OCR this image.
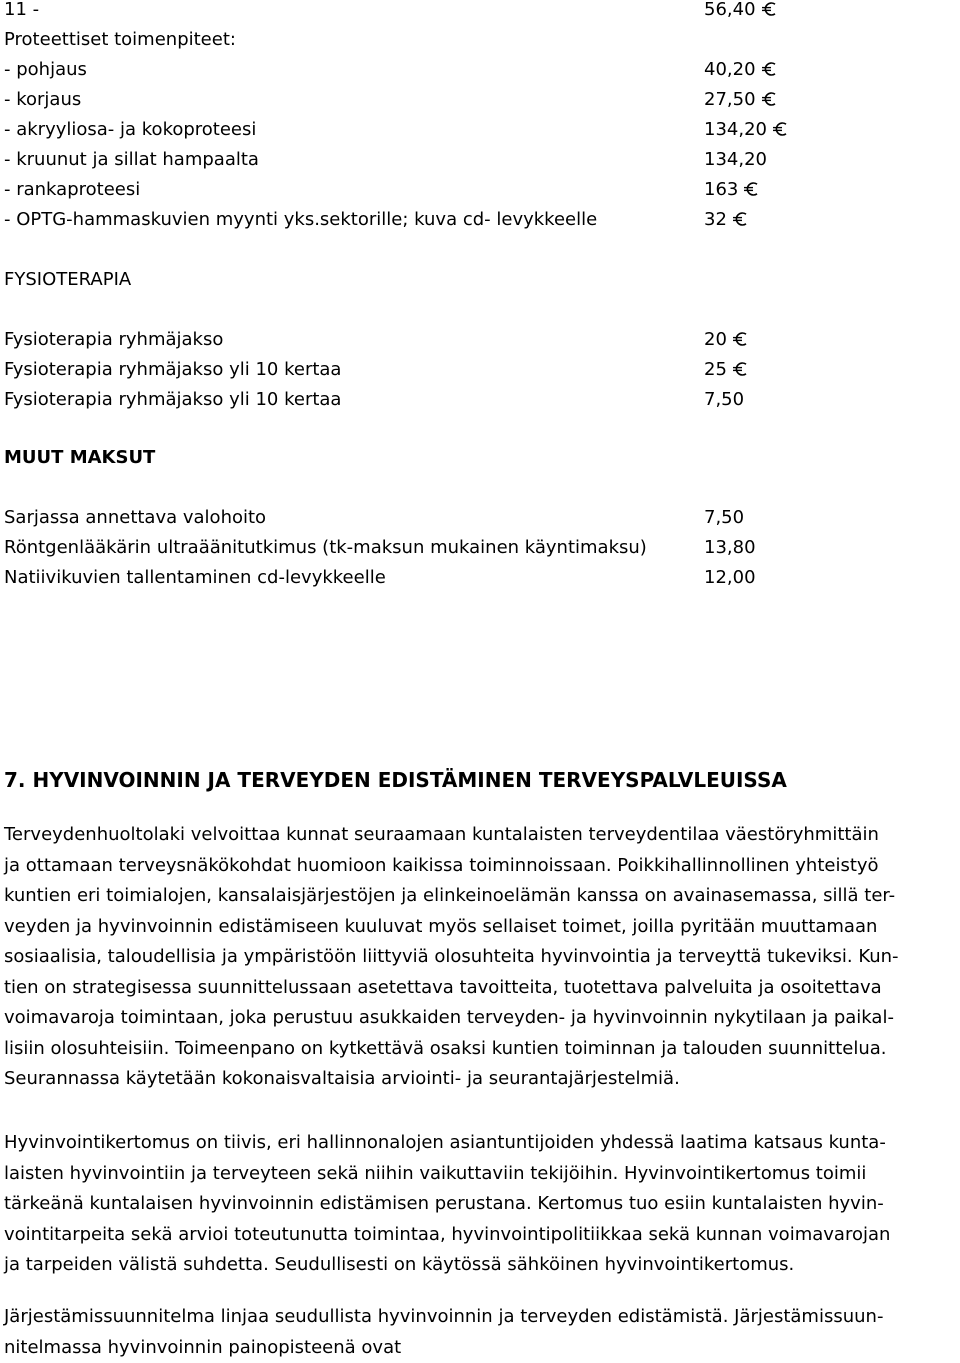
11 -	56,40
Proteettiset toimenpiteet:
- pohjaus	40,20
- korjaus	27,50
- akryyliosa- ja kokoproteesi	134,20
- kruunut ja sillat hampaalta	134,20
- rankaproteesi	163
- OPTG-hammaskuvien myynti yks.sektorille; kuva cd- levykkeelle	32
FYSIOTERAPIA
Fysioterapia ryhmäjakso	20
Fysioterapia ryhmäjakso yli 10 kertaa	25
Fysioterapia ryhmäjakso yli 10 kertaa	7,50
MUUT MAKSUT
Sarjassa annettava valohoito	7,50
Röntgenlääkärin ultraäänitutkimus (tk-maksun mukainen käyntimaksu)	13,80
Natiivikuvien tallentaminen cd-levykkeelle	12,00
7. HYVINVOINNIN JA TERVEYDEN EDISTÄMINEN TERVEYSPALVLEUISSA
Terveydenhuoltolaki velvoittaa kunnat seuraamaan kuntalaisten terveydentilaa väestöryhmittäin
ja ottamaan terveysnäkökohdat huomioon kaikissa toiminnoissaan. Poikkihallinnollinen yhteistyö
kuntien eri toimialojen, kansalaisjärjestöjen ja elinkeinoelämän kanssa on avainasemassa, sillä ter-
veyden ja hyvinvoinnin edistämiseen kuuluvat myös sellaiset toimet, joilla pyritään muuttamaan
sosiaalisia, taloudellisia ja ympäristöön liittyviä olosuhteita hyvinvointia ja terveyttä tukeviksi. Kun-
tien on strategisessa suunnittelussaan asetettava tavoitteita, tuotettava palveluita ja osoitettava
voimavaroja toimintaan, joka perustuu asukkaiden terveyden- ja hyvinvoinnin nykytilaan ja paikal-
lisiin olosuhteisiin. Toimeenpano on kytkettävä osaksi kuntien toiminnan ja talouden suunnittelua.
Seurannassa käytetään kokonaisvaltaisia arviointi- ja seurantajärjestelmiä.
Hyvinvointikertomus on tiivis, eri hallinnonalojen asiantuntijoiden yhdessä laatima katsaus kunta-
laisten hyvinvointiin ja terveyteen sekä niihin vaikuttaviin tekijöihin. Hyvinvointikertomus toimii
tärkeänä kuntalaisen hyvinvoinnin edistämisen perustana. Kertomus tuo esiin kuntalaisten hyvin-
vointitarpeita sekä arvioi toteutunutta toimintaa, hyvinvointipolitiikkaa sekä kunnan voimavarojan
ja tarpeiden välistä suhdetta. Seudullisesti on käytössä sähköinen hyvinvointikertomus.
Järjestämissuunnitelma linjaa seudullista hyvinvoinnin ja terveyden edistämistä. Järjestämissuun-
nitelmassa hyvinvoinnin painopisteenä ovat
